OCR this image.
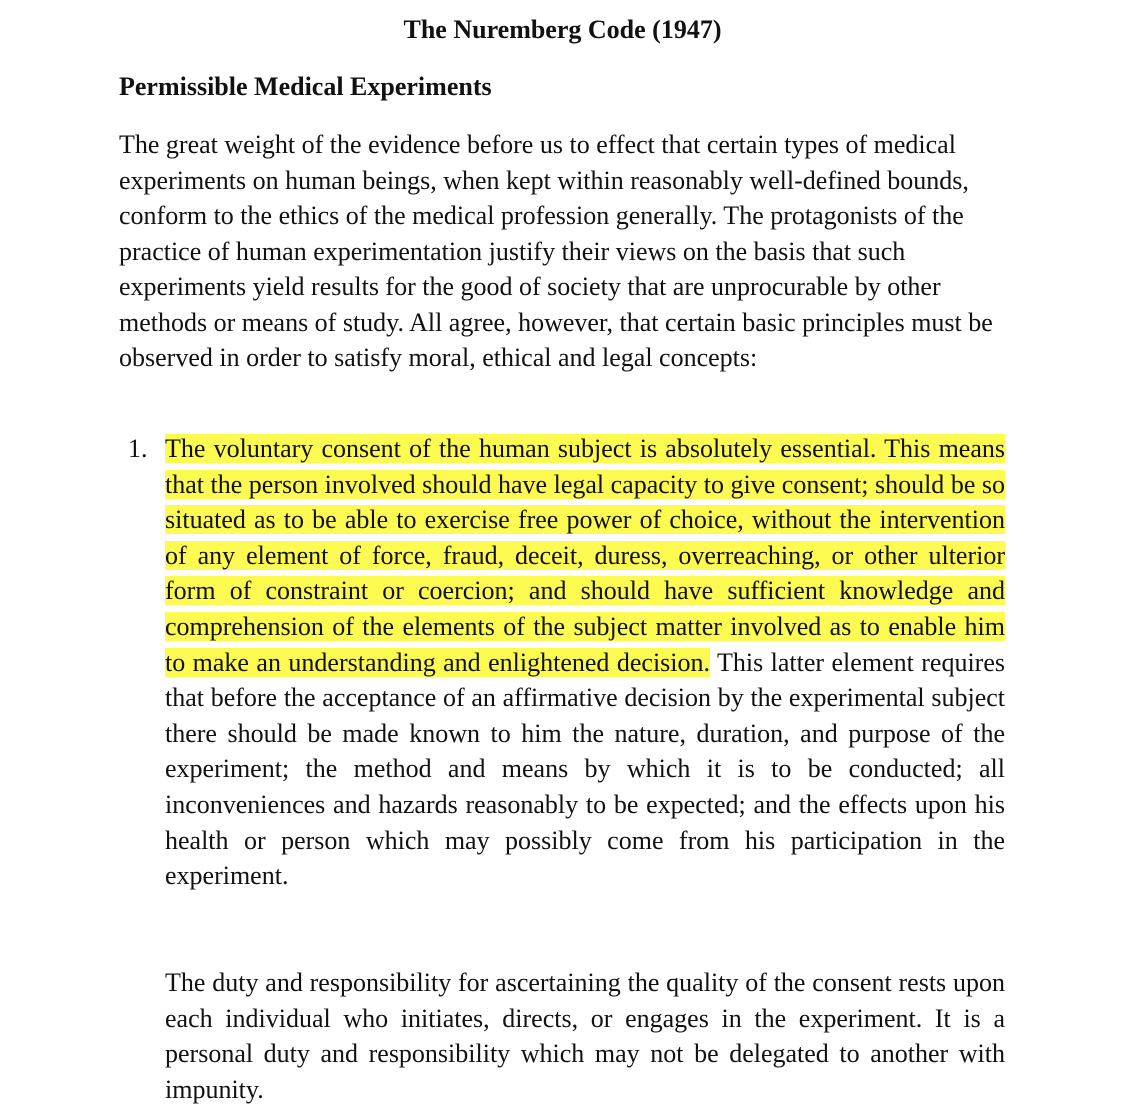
The Nuremberg Code (1947)
Permissible Medical Experiments

The great weight of the evidence before us to effect that certain types of medical experiments on human beings, when kept within reasonably well-defined bounds, conform to the ethics of the medical profession generally. The protagonists of the practice of human experimentation justify their views on the basis that such experiments yield results for the good of society that are unprocurable by other methods or means of study. All agree, however, that certain basic principles must be observed in order to satisfy moral, ethical and legal concepts:

1. The voluntary consent of the human subject is absolutely essential. This means that the person involved should have legal capacity to give consent; should be so situated as to be able to exercise free power of choice, without the intervention of any element of force, fraud, deceit, duress, overreaching, or other ulterior form of constraint or coercion; and should have sufficient knowledge and comprehension of the elements of the subject matter involved as to enable him to make an understanding and enlightened decision. This latter element requires that before the acceptance of an affirmative decision by the experimental subject there should be made known to him the nature, duration, and purpose of the experiment; the method and means by which it is to be conducted; all inconveniences and hazards reasonably to be expected; and the effects upon his health or person which may possibly come from his participation in the experiment.

The duty and responsibility for ascertaining the quality of the consent rests upon each individual who initiates, directs, or engages in the experiment. It is a personal duty and responsibility which may not be delegated to another with impunity.
